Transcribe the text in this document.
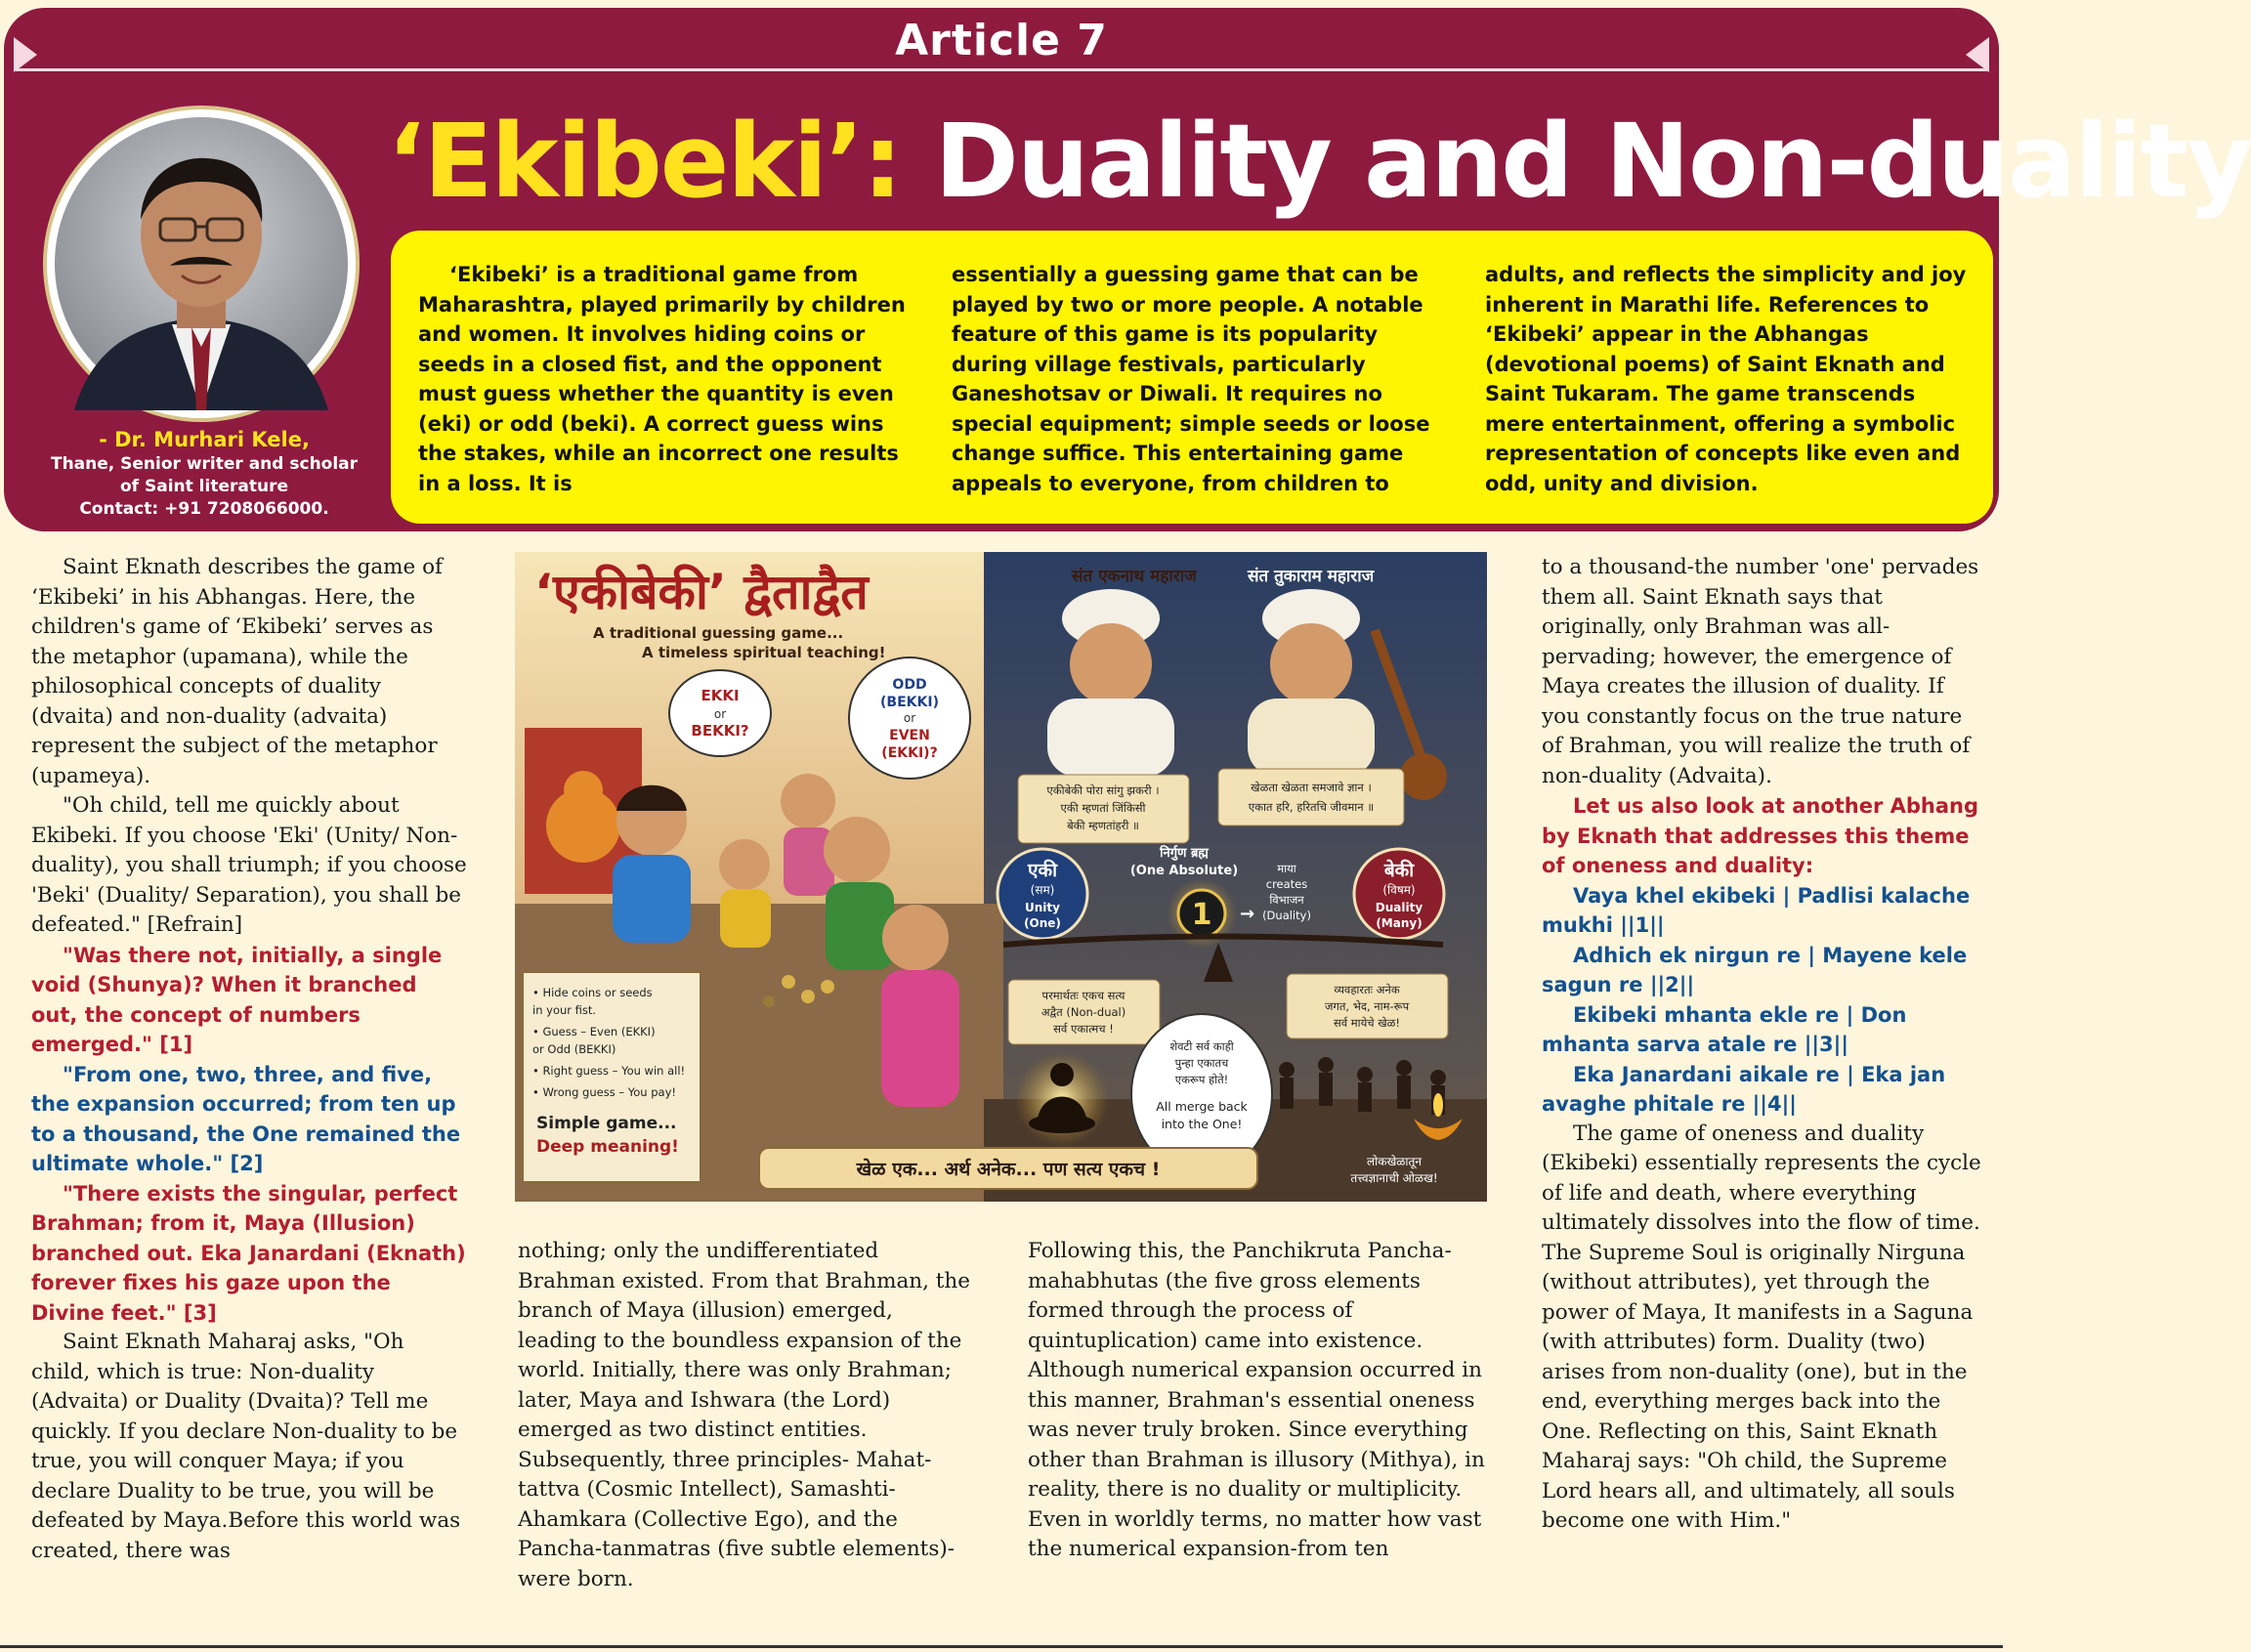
Article 7
‘Ekibeki’: Duality and Non-duality
- Dr. Murhari Kele,
Thane, Senior writer and scholar
of Saint literature
Contact: +91 7208066000.

‘Ekibeki’ is a traditional game from Maharashtra, played primarily by children and women. It involves hiding coins or seeds in a closed fist, and the opponent must guess whether the quantity is even (eki) or odd (beki). A correct guess wins the stakes, while an incorrect one results in a loss. It is

essentially a guessing game that can be played by two or more people. A notable feature of this game is its popularity during village festivals, particularly Ganeshotsav or Diwali. It requires no special equipment; simple seeds or loose change suffice. This entertaining game appeals to everyone, from children to

adults, and reflects the simplicity and joy inherent in Marathi life. References to ‘Ekibeki’ appear in the Abhangas (devotional poems) of Saint Eknath and Saint Tukaram. The game transcends mere entertainment, offering a symbolic representation of concepts like even and odd, unity and division.

Saint Eknath describes the game of ‘Ekibeki’ in his Abhangas. Here, the children's game of ‘Ekibeki’ serves as the metaphor (upamana), while the philosophical concepts of duality (dvaita) and non-duality (advaita) represent the subject of the metaphor (upameya).

"Oh child, tell me quickly about Ekibeki. If you choose 'Eki' (Unity/ Non-duality), you shall triumph; if you choose 'Beki' (Duality/ Separation), you shall be defeated." [Refrain]

"Was there not, initially, a single void (Shunya)? When it branched out, the concept of numbers emerged." [1]

"From one, two, three, and five, the expansion occurred; from ten up to a thousand, the One remained the ultimate whole." [2]

"There exists the singular, perfect Brahman; from it, Maya (Illusion) branched out. Eka Janardani (Eknath) forever fixes his gaze upon the Divine feet." [3]

Saint Eknath Maharaj asks, "Oh child, which is true: Non-duality (Advaita) or Duality (Dvaita)? Tell me quickly. If you declare Non-duality to be true, you will conquer Maya; if you declare Duality to be true, you will be defeated by Maya.Before this world was created, there was

‘एकीबेकी’ द्वैताद्वैत
A traditional guessing game...
A timeless spiritual teaching!
EKKI
or
BEKKI?
ODD
(BEKKI)
or
EVEN
(EKKI)?
• Hide coins or seeds
in your fist.
• Guess – Even (EKKI)
or Odd (BEKKI)
• Right guess – You win all!
• Wrong guess – You pay!
Simple game...
Deep meaning!
संत एकनाथ महाराज	संत तुकाराम महाराज
एकीबेकी पोरा सांगु झकरी ।
एकी म्हणतां जिंकिसी
बेकी म्हणतांहरी ॥
खेळता खेळता समजावे ज्ञान ।
एकात हरि, हरितचि जीवमान ॥
निर्गुण ब्रह्म
(One Absolute)
1 →
माया
creates
विभाजन
(Duality)
एकी
(सम)
Unity
(One)
बेकी
(विषम)
Duality
(Many)
परमार्थतः एकच सत्य
अद्वैत (Non-dual)
सर्व एकात्मच !
व्यवहारतः अनेक
जगत, भेद, नाम-रूप
सर्व मायेचे खेळ!
शेवटी सर्व काही
पुन्हा एकातच
एकरूप होते!
All merge back
into the One!
खेळ एक... अर्थ अनेक... पण सत्य एकच !	लोकखेळातून
तत्त्वज्ञानाची ओळख!

nothing; only the undifferentiated Brahman existed. From that Brahman, the branch of Maya (illusion) emerged, leading to the boundless expansion of the world. Initially, there was only Brahman; later, Maya and Ishwara (the Lord) emerged as two distinct entities. Subsequently, three principles- Mahat-tattva (Cosmic Intellect), Samashti-Ahamkara (Collective Ego), and the Pancha-tanmatras (five subtle elements)-were born.

Following this, the Panchikruta Pancha-mahabhutas (the five gross elements formed through the process of quintuplication) came into existence. Although numerical expansion occurred in this manner, Brahman's essential oneness was never truly broken. Since everything other than Brahman is illusory (Mithya), in reality, there is no duality or multiplicity. Even in worldly terms, no matter how vast the numerical expansion-from ten

to a thousand-the number 'one' pervades them all. Saint Eknath says that originally, only Brahman was all-pervading; however, the emergence of Maya creates the illusion of duality. If you constantly focus on the true nature of Brahman, you will realize the truth of non-duality (Advaita).

Let us also look at another Abhang by Eknath that addresses this theme of oneness and duality:

Vaya khel ekibeki | Padlisi kalache mukhi ||1||

Adhich ek nirgun re | Mayene kele sagun re ||2||

Ekibeki mhanta ekle re | Don mhanta sarva atale re ||3||

Eka Janardani aikale re | Eka jan avaghe phitale re ||4||

The game of oneness and duality (Ekibeki) essentially represents the cycle of life and death, where everything ultimately dissolves into the flow of time. The Supreme Soul is originally Nirguna (without attributes), yet through the power of Maya, It manifests in a Saguna (with attributes) form. Duality (two) arises from non-duality (one), but in the end, everything merges back into the One. Reflecting on this, Saint Eknath Maharaj says: "Oh child, the Supreme Lord hears all, and ultimately, all souls become one with Him."
